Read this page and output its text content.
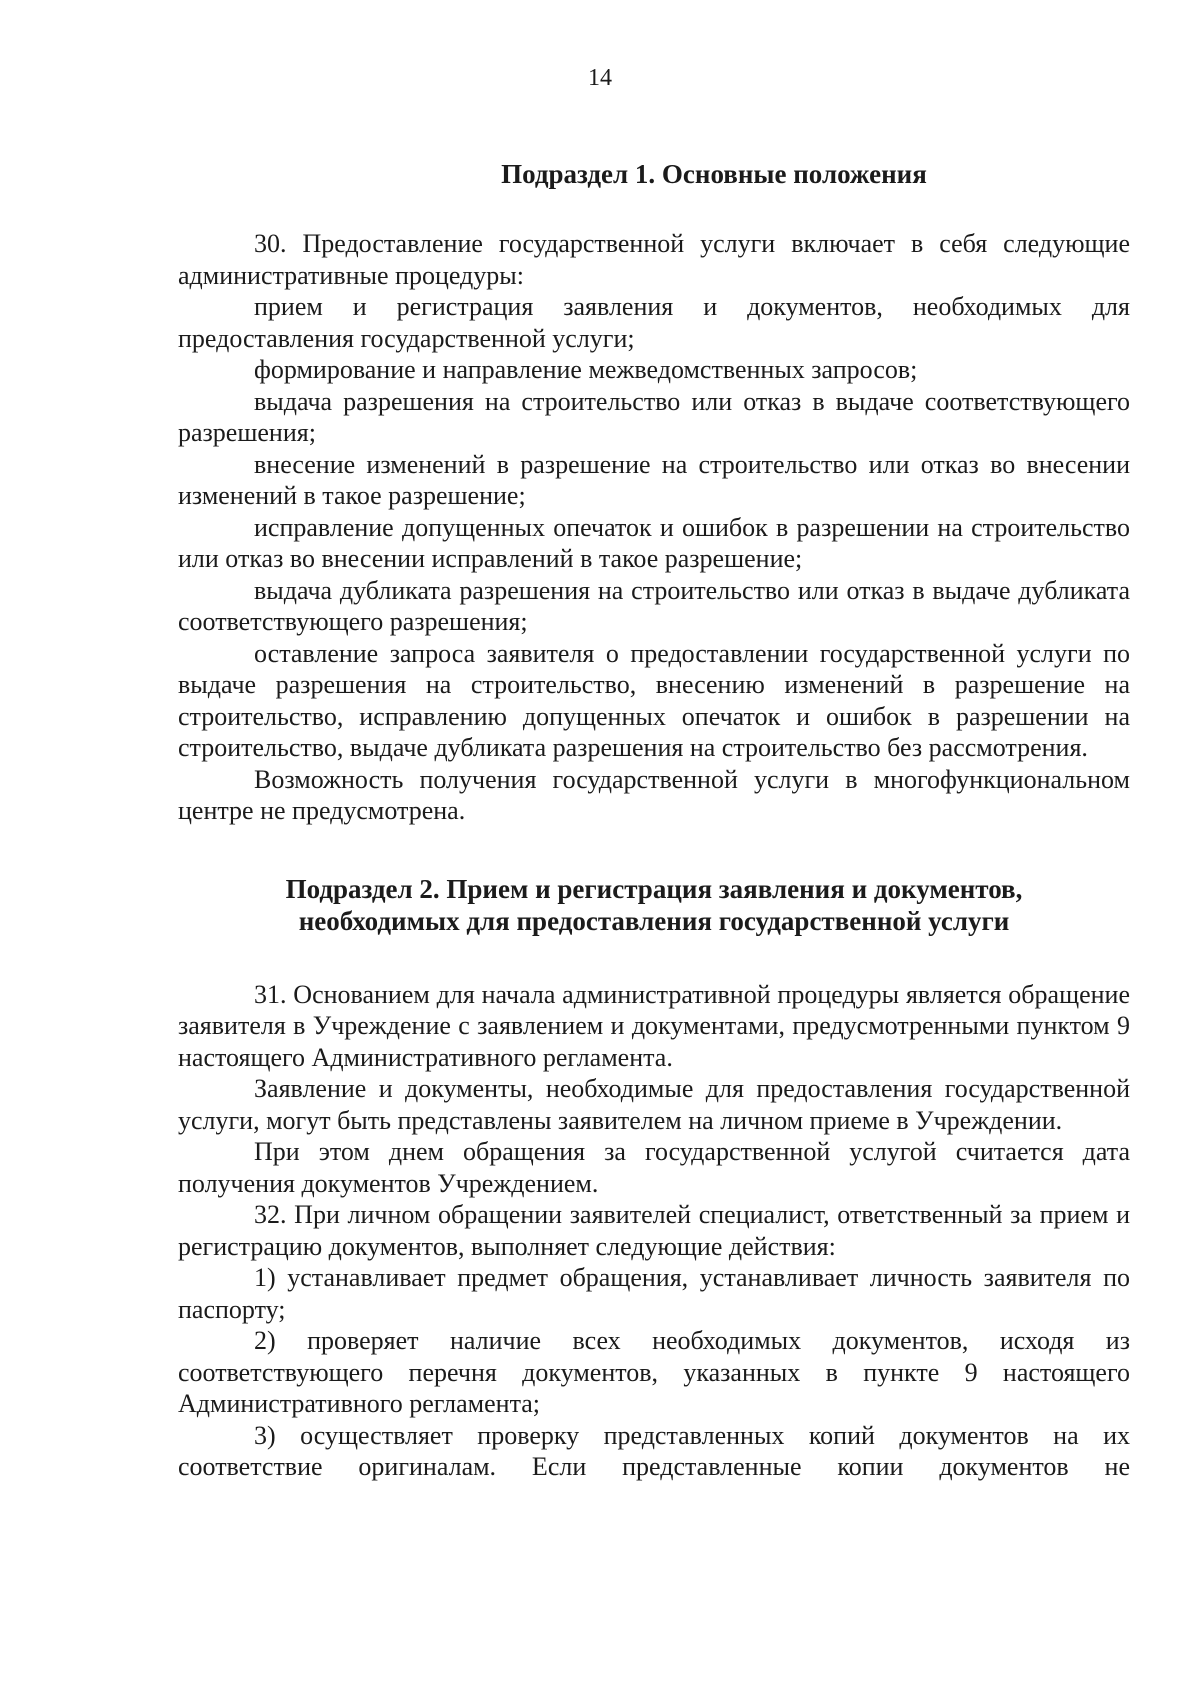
14
Подраздел 1. Основные положения

30. Предоставление государственной услуги включает в себя следующие административные процедуры:

прием и регистрация заявления и документов, необходимых для предоставления государственной услуги;

формирование и направление межведомственных запросов;

выдача разрешения на строительство или отказ в выдаче соответствующего разрешения;

внесение изменений в разрешение на строительство или отказ во внесении изменений в такое разрешение;

исправление допущенных опечаток и ошибок в разрешении на строительство или отказ во внесении исправлений в такое разрешение;

выдача дубликата разрешения на строительство или отказ в выдаче дубликата соответствующего разрешения;

оставление запроса заявителя о предоставлении государственной услуги по выдаче разрешения на строительство, внесению изменений в разрешение на строительство, исправлению допущенных опечаток и ошибок в разрешении на строительство, выдаче дубликата разрешения на строительство без рассмотрения.

Возможность получения государственной услуги в многофункциональном центре не предусмотрена.

Подраздел 2. Прием и регистрация заявления и документов, необходимых для предоставления государственной услуги

31. Основанием для начала административной процедуры является обращение заявителя в Учреждение с заявлением и документами, предусмотренными пунктом 9 настоящего Административного регламента.

Заявление и документы, необходимые для предоставления государственной услуги, могут быть представлены заявителем на личном приеме в Учреждении.

При этом днем обращения за государственной услугой считается дата получения документов Учреждением.

32. При личном обращении заявителей специалист, ответственный за прием и регистрацию документов, выполняет следующие действия:

1) устанавливает предмет обращения, устанавливает личность заявителя по паспорту;

2) проверяет наличие всех необходимых документов, исходя из соответствующего перечня документов, указанных в пункте 9 настоящего Административного регламента;

3) осуществляет проверку представленных копий документов на их соответствие оригиналам. Если представленные копии документов не
